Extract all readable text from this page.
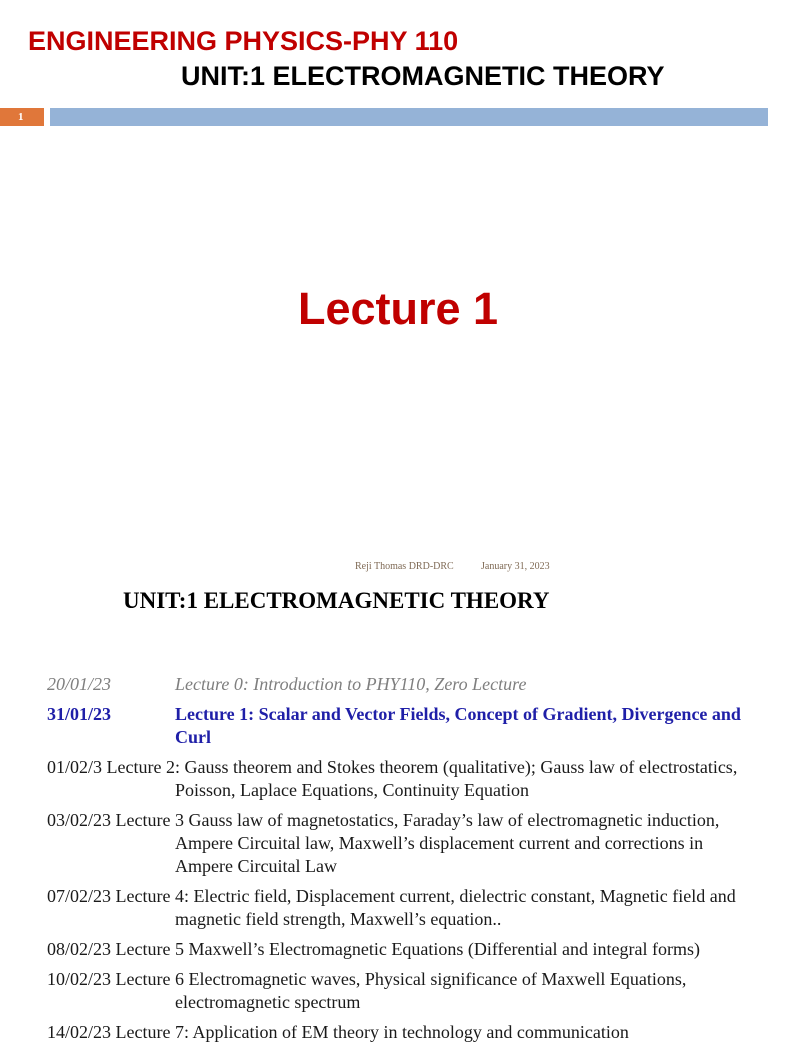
ENGINEERING PHYSICS-PHY 110
UNIT:1 ELECTROMAGNETIC THEORY
1
Lecture 1
Reji Thomas DRD-DRC	January 31, 2023
UNIT:1 ELECTROMAGNETIC THEORY
20/01/23	Lecture 0: Introduction to PHY110, Zero Lecture
31/01/23	Lecture 1: Scalar and Vector Fields, Concept of Gradient, Divergence and Curl
01/02/3 Lecture 2: Gauss theorem and Stokes theorem (qualitative); Gauss law of electrostatics, Poisson, Laplace Equations, Continuity Equation
03/02/23 Lecture 3 Gauss law of magnetostatics, Faraday’s law of electromagnetic induction, Ampere Circuital law, Maxwell’s displacement current and corrections in Ampere Circuital Law
07/02/23 Lecture 4: Electric field, Displacement current, dielectric constant, Magnetic field and magnetic field strength, Maxwell’s equation..
08/02/23 Lecture 5 Maxwell’s Electromagnetic Equations (Differential and integral forms)
10/02/23 Lecture 6 Electromagnetic waves, Physical significance of Maxwell Equations, electromagnetic spectrum
14/02/23 Lecture 7: Application of EM theory in technology and communication
